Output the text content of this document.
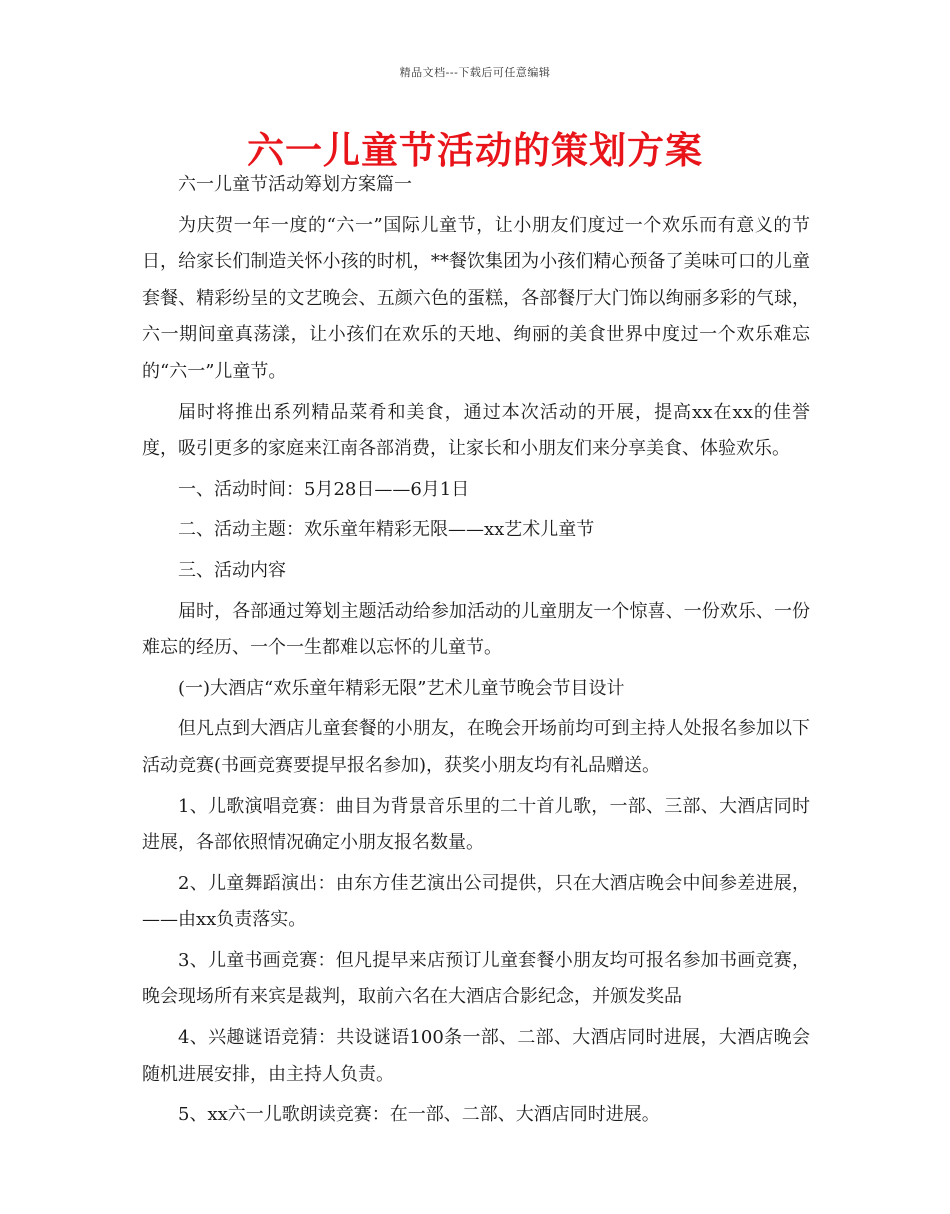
精品文档---下载后可任意编辑
六一儿童节活动的策划方案

六一儿童节活动筹划方案篇一

为庆贺一年一度的“六一”国际儿童节，让小朋友们度过一个欢乐而有意义的节日，给家长们制造关怀小孩的时机，**餐饮集团为小孩们精心预备了美味可口的儿童套餐、精彩纷呈的文艺晚会、五颜六色的蛋糕，各部餐厅大门饰以绚丽多彩的气球，六一期间童真荡漾，让小孩们在欢乐的天地、绚丽的美食世界中度过一个欢乐难忘的“六一”儿童节。

届时将推出系列精品菜肴和美食，通过本次活动的开展，提高xx在xx的佳誉度，吸引更多的家庭来江南各部消费，让家长和小朋友们来分享美食、体验欢乐。

一、活动时间：5月28日——6月1日

二、活动主题：欢乐童年精彩无限——xx艺术儿童节

三、活动内容

届时，各部通过筹划主题活动给参加活动的儿童朋友一个惊喜、一份欢乐、一份难忘的经历、一个一生都难以忘怀的儿童节。

(一)大酒店“欢乐童年精彩无限”艺术儿童节晚会节目设计

但凡点到大酒店儿童套餐的小朋友，在晚会开场前均可到主持人处报名参加以下活动竞赛(书画竞赛要提早报名参加)，获奖小朋友均有礼品赠送。

1、儿歌演唱竞赛：曲目为背景音乐里的二十首儿歌，一部、三部、大酒店同时进展，各部依照情况确定小朋友报名数量。

2、儿童舞蹈演出：由东方佳艺演出公司提供，只在大酒店晚会中间参差进展，——由xx负责落实。

3、儿童书画竞赛：但凡提早来店预订儿童套餐小朋友均可报名参加书画竞赛，晚会现场所有来宾是裁判，取前六名在大酒店合影纪念，并颁发奖品

4、兴趣谜语竞猜：共设谜语100条一部、二部、大酒店同时进展，大酒店晚会随机进展安排，由主持人负责。

5、xx六一儿歌朗读竞赛：在一部、二部、大酒店同时进展。
